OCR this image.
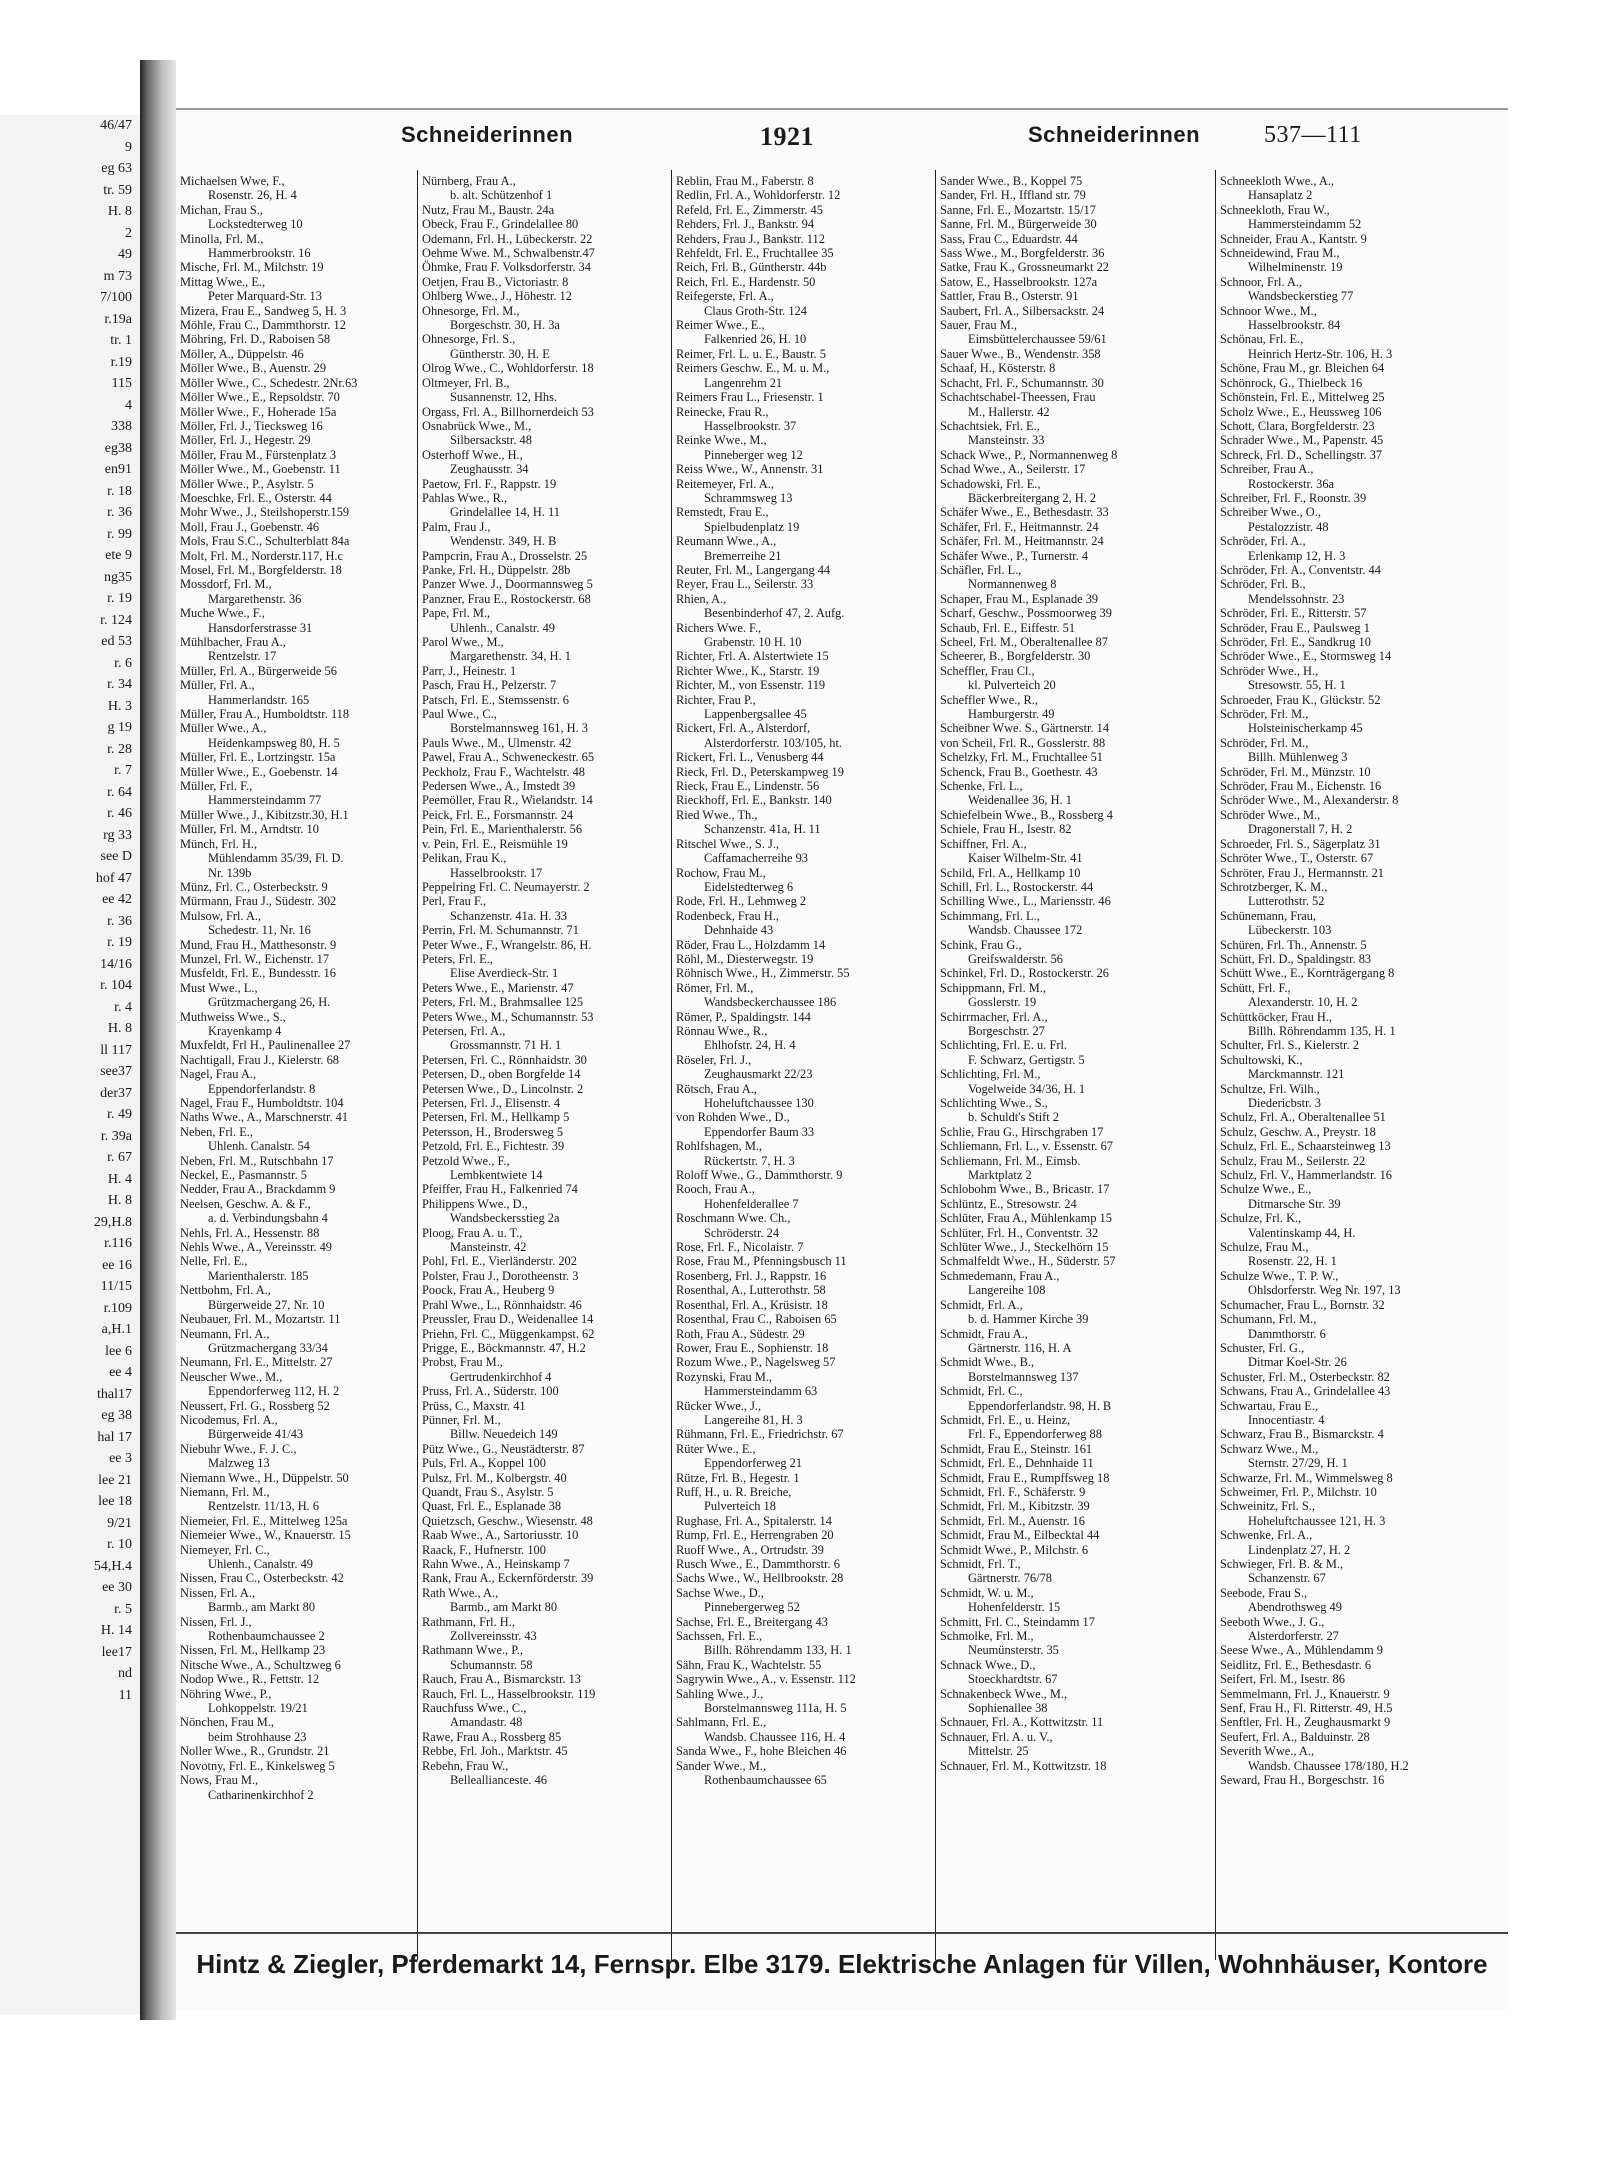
46/47
9
eg 63
tr. 59
H. 8
2
49
m 73
7/100
r.19a
tr. 1
r.19
115
4
338
eg38
en91
r. 18
r. 36
r. 99
ete 9
ng35
r. 19
r. 124
ed 53
r. 6
r. 34
H. 3
g 19
r. 28
r. 7
r. 64
r. 46
rg 33
see D
hof 47
ee 42
r. 36
r. 19
14/16
r. 104
r. 4
H. 8
ll 117
see37
der37
r. 49
r. 39a
r. 67
H. 4
H. 8
29,H.8
r.116
ee 16
11/15
r.109
a,H.1
lee 6
ee 4
thal17
eg 38
hal 17
ee 3
lee 21
lee 18
9/21
r. 10
54,H.4
ee 30
r. 5
H. 14
lee17
nd
11
Schneiderinnen	1921	Schneiderinnen	537—111
Michaelsen Wwe, F.,
Rosenstr. 26, H. 4
Michan, Frau S.,
Lockstedterweg 10
Minolla, Frl. M.,
Hammerbrookstr. 16
Mische, Frl. M., Milchstr. 19
Mittag Wwe., E.,
Peter Marquard-Str. 13
Mizera, Frau E., Sandweg 5, H. 3
Möhle, Frau C., Dammthorstr. 12
Möhring, Frl. D., Raboisen 58
Möller, A., Düppelstr. 46
Möller Wwe., B., Auenstr. 29
Möller Wwe., C., Schedestr. 2Nr.63
Möller Wwe., E., Repsoldstr. 70
Möller Wwe., F., Hoherade 15a
Möller, Frl. J., Tiecksweg 16
Möller, Frl. J., Hegestr. 29
Möller, Frau M., Fürstenplatz 3
Möller Wwe., M., Goebenstr. 11
Möller Wwe., P., Asylstr. 5
Moeschke, Frl. E., Osterstr. 44
Mohr Wwe., J., Steilshoperstr.159
Moll, Frau J., Goebenstr. 46
Mols, Frau S.C., Schulterblatt 84a
Molt, Frl. M., Norderstr.117, H.c
Mosel, Frl. M., Borgfelderstr. 18
Mossdorf, Frl. M.,
Margarethenstr. 36
Muche Wwe., F.,
Hansdorferstrasse 31
Mühlbacher, Frau A.,
Rentzelstr. 17
Müller, Frl. A., Bürgerweide 56
Müller, Frl. A.,
Hammerlandstr. 165
Müller, Frau A., Humboldtstr. 118
Müller Wwe., A.,
Heidenkampsweg 80, H. 5
Müller, Frl. E., Lortzingstr. 15a
Müller Wwe., E., Goebenstr. 14
Müller, Frl. F.,
Hammersteindamm 77
Müller Wwe., J., Kibitzstr.30, H.1
Müller, Frl. M., Arndtstr. 10
Münch, Frl. H.,
Mühlendamm 35/39, Fl. D.
Nr. 139b
Münz, Frl. C., Osterbeckstr. 9
Mürmann, Frau J., Südestr. 302
Mulsow, Frl. A.,
Schedestr. 11, Nr. 16
Mund, Frau H., Matthesonstr. 9
Munzel, Frl. W., Eichenstr. 17
Musfeldt, Frl. E., Bundesstr. 16
Must Wwe., L.,
Grützmachergang 26, H.
Muthweiss Wwe., S.,
Krayenkamp 4
Muxfeldt, Frl H., Paulinenallee 27
Nachtigall, Frau J., Kielerstr. 68
Nagel, Frau A.,
Eppendorferlandstr. 8
Nagel, Frau F., Humboldtstr. 104
Naths Wwe., A., Marschnerstr. 41
Neben, Frl. E.,
Uhlenh. Canalstr. 54
Neben, Frl. M., Rutschbahn 17
Neckel, E., Pasmannstr. 5
Nedder, Frau A., Brackdamm 9
Neelsen, Geschw. A. & F.,
a. d. Verbindungsbahn 4
Nehls, Frl. A., Hessenstr. 88
Nehls Wwe., A., Vereinsstr. 49
Nelle, Frl. E.,
Marienthalerstr. 185
Nettbohm, Frl. A.,
Bürgerweide 27, Nr. 10
Neubauer, Frl. M., Mozartstr. 11
Neumann, Frl. A.,
Grützmachergang 33/34
Neumann, Frl. E., Mittelstr. 27
Neuscher Wwe., M.,
Eppendorferweg 112, H. 2
Neussert, Frl. G., Rossberg 52
Nicodemus, Frl. A.,
Bürgerweide 41/43
Niebuhr Wwe., F. J. C.,
Malzweg 13
Niemann Wwe., H., Düppelstr. 50
Niemann, Frl. M.,
Rentzelstr. 11/13, H. 6
Niemeier, Frl. E., Mittelweg 125a
Niemeier Wwe., W., Knauerstr. 15
Niemeyer, Frl. C.,
Uhlenh., Canalstr. 49
Nissen, Frau C., Osterbeckstr. 42
Nissen, Frl. A.,
Barmb., am Markt 80
Nissen, Frl. J.,
Rothenbaumchaussee 2
Nissen, Frl. M., Hellkamp 23
Nitsche Wwe., A., Schultzweg 6
Nodop Wwe., R., Fettstr. 12
Nöhring Wwe., P.,
Lohkoppelstr. 19/21
Nönchen, Frau M.,
beim Strohhause 23
Noller Wwe., R., Grundstr. 21
Novotny, Frl. E., Kinkelsweg 5
Nows, Frau M.,
Catharinenkirchhof 2
Nürnberg, Frau A.,
b. alt. Schützenhof 1
Nutz, Frau M., Baustr. 24a
Obeck, Frau F., Grindelallee 80
Odemann, Frl. H., Lübeckerstr. 22
Oehme Wwe. M., Schwalbenstr.47
Öhmke, Frau F. Volksdorferstr. 34
Oetjen, Frau B., Victoriastr. 8
Ohlberg Wwe., J., Höhestr. 12
Ohnesorge, Frl. M.,
Borgeschstr. 30, H. 3a
Ohnesorge, Frl. S.,
Güntherstr. 30, H. E
Olrog Wwe., C., Wohldorferstr. 18
Oltmeyer, Frl. B.,
Susannenstr. 12, Hhs.
Orgass, Frl. A., Billhornerdeich 53
Osnabrück Wwe., M.,
Silbersackstr. 48
Osterhoff Wwe., H.,
Zeughausstr. 34
Paetow, Frl. F., Rappstr. 19
Pahlas Wwe., R.,
Grindelallee 14, H. 11
Palm, Frau J.,
Wendenstr. 349, H. B
Pampcrin, Frau A., Drosselstr. 25
Panke, Frl. H., Düppelstr. 28b
Panzer Wwe. J., Doormannsweg 5
Panzner, Frau E., Rostockerstr. 68
Pape, Frl. M.,
Uhlenh., Canalstr. 49
Parol Wwe., M.,
Margarethenstr. 34, H. 1
Parr, J., Heinestr. 1
Pasch, Frau H., Pelzerstr. 7
Patsch, Frl. E., Stemssenstr. 6
Paul Wwe., C.,
Borstelmannsweg 161, H. 3
Pauls Wwe., M., Ulmenstr. 42
Pawel, Frau A., Schweneckestr. 65
Peckholz, Frau F., Wachtelstr. 48
Pedersen Wwe., A., Imstedt 39
Peemöller, Frau R., Wielandstr. 14
Peick, Frl. E., Forsmannstr. 24
Pein, Frl. E., Marienthalerstr. 56
v. Pein, Frl. E., Reismühle 19
Pelikan, Frau K.,
Hasselbrookstr. 17
Peppelring Frl. C. Neumayerstr. 2
Perl, Frau F.,
Schanzenstr. 41a. H. 33
Perrin, Frl. M. Schumannstr. 71
Peter Wwe., F., Wrangelstr. 86, H.
Peters, Frl. E.,
Elise Averdieck-Str. 1
Peters Wwe., E., Marienstr. 47
Peters, Frl. M., Brahmsallee 125
Peters Wwe., M., Schumannstr. 53
Petersen, Frl. A.,
Grossmannstr. 71 H. 1
Petersen, Frl. C., Rönnhaidstr. 30
Petersen, D., oben Borgfelde 14
Petersen Wwe., D., Lincolnstr. 2
Petersen, Frl. J., Elisenstr. 4
Petersen, Frl. M., Hellkamp 5
Petersson, H., Brodersweg 5
Petzold, Frl. E., Fichtestr. 39
Petzold Wwe., F.,
Lembkentwiete 14
Pfeiffer, Frau H., Falkenried 74
Philippens Wwe., D.,
Wandsbeckersstieg 2a
Ploog, Frau A. u. T.,
Mansteinstr. 42
Pohl, Frl. E., Vierländerstr. 202
Polster, Frau J., Dorotheenstr. 3
Poock, Frau A., Heuberg 9
Prahl Wwe., L., Rönnhaidstr. 46
Preussler, Frau D., Weidenallee 14
Priehn, Frl. C., Müggenkampst. 62
Prigge, E., Böckmannstr. 47, H.2
Probst, Frau M.,
Gertrudenkirchhof 4
Pruss, Frl. A., Süderstr. 100
Prüss, C., Maxstr. 41
Pünner, Frl. M.,
Billw. Neuedeich 149
Pütz Wwe., G., Neustädterstr. 87
Puls, Frl. A., Koppel 100
Pulsz, Frl. M., Kolbergstr. 40
Quandt, Frau S., Asylstr. 5
Quast, Frl. E., Esplanade 38
Quietzsch, Geschw., Wiesenstr. 48
Raab Wwe., A., Sartoriusstr. 10
Raack, F., Hufnerstr. 100
Rahn Wwe., A., Heinskamp 7
Rank, Frau A., Eckernförderstr. 39
Rath Wwe., A.,
Barmb., am Markt 80
Rathmann, Frl. H.,
Zollvereinsstr. 43
Rathmann Wwe., P.,
Schumannstr. 58
Rauch, Frau A., Bismarckstr. 13
Rauch, Frl. L., Hasselbrookstr. 119
Rauchfuss Wwe., C.,
Amandastr. 48
Rawe, Frau A., Rossberg 85
Rebbe, Frl. Joh., Marktstr. 45
Rebehn, Frau W.,
Belleallianceste. 46
Reblin, Frau M., Faberstr. 8
Redlin, Frl. A., Wohldorferstr. 12
Refeld, Frl. E., Zimmerstr. 45
Rehders, Frl. J., Bankstr. 94
Rehders, Frau J., Bankstr. 112
Rehfeldt, Frl. E., Fruchtallee 35
Reich, Frl. B., Güntherstr. 44b
Reich, Frl. E., Hardenstr. 50
Reifegerste, Frl. A.,
Claus Groth-Str. 124
Reimer Wwe., E.,
Falkenried 26, H. 10
Reimer, Frl. L. u. E., Baustr. 5
Reimers Geschw. E., M. u. M.,
Langenrehm 21
Reimers Frau L., Friesenstr. 1
Reinecke, Frau R.,
Hasselbrookstr. 37
Reinke Wwe., M.,
Pinneberger weg 12
Reiss Wwe., W., Annenstr. 31
Reitemeyer, Frl. A.,
Schrammsweg 13
Remstedt, Frau E.,
Spielbudenplatz 19
Reumann Wwe., A.,
Bremerreihe 21
Reuter, Frl. M., Langergang 44
Reyer, Frau L., Seilerstr. 33
Rhien, A.,
Besenbinderhof 47, 2. Aufg.
Richers Wwe. F.,
Grabenstr. 10 H. 10
Richter, Frl. A. Alstertwiete 15
Richter Wwe., K., Starstr. 19
Richter, M., von Essenstr. 119
Richter, Frau P.,
Lappenbergsallee 45
Rickert, Frl. A., Alsterdorf,
Alsterdorferstr. 103/105, ht.
Rickert, Frl. L., Venusberg 44
Rieck, Frl. D., Peterskampweg 19
Rieck, Frau E., Lindenstr. 56
Rieckhoff, Frl. E., Bankstr. 140
Ried Wwe., Th.,
Schanzenstr. 41a, H. 11
Ritschel Wwe., S. J.,
Caffamacherreihe 93
Rochow, Frau M.,
Eidelstedterweg 6
Rode, Frl. H., Lehmweg 2
Rodenbeck, Frau H.,
Dehnhaide 43
Röder, Frau L., Holzdamm 14
Röhl, M., Diesterwegstr. 19
Röhnisch Wwe., H., Zimmerstr. 55
Römer, Frl. M.,
Wandsbeckerchaussee 186
Römer, P., Spaldingstr. 144
Rönnau Wwe., R.,
Ehlhofstr. 24, H. 4
Röseler, Frl. J.,
Zeughausmarkt 22/23
Rötsch, Frau A.,
Hoheluftchaussee 130
von Rohden Wwe., D.,
Eppendorfer Baum 33
Rohlfshagen, M.,
Rückertstr. 7, H. 3
Roloff Wwe., G., Dammthorstr. 9
Rooch, Frau A.,
Hohenfelderallee 7
Roschmann Wwe. Ch.,
Schröderstr. 24
Rose, Frl. F., Nicolaistr. 7
Rose, Frau M., Pfenningsbusch 11
Rosenberg, Frl. J., Rappstr. 16
Rosenthal, A., Lutterothstr. 58
Rosenthal, Frl. A., Krüsistr. 18
Rosenthal, Frau C., Raboisen 65
Roth, Frau A., Südestr. 29
Rower, Frau E., Sophienstr. 18
Rozum Wwe., P., Nagelsweg 57
Rozynski, Frau M.,
Hammersteindamm 63
Rücker Wwe., J.,
Langereihe 81, H. 3
Rühmann, Frl. E., Friedrichstr. 67
Rüter Wwe., E.,
Eppendorferweg 21
Rütze, Frl. B., Hegestr. 1
Ruff, H., u. R. Breiche,
Pulverteich 18
Rughase, Frl. A., Spitalerstr. 14
Rump, Frl. E., Herrengraben 20
Ruoff Wwe., A., Ortrudstr. 39
Rusch Wwe., E., Dammthorstr. 6
Sachs Wwe., W., Hellbrookstr. 28
Sachse Wwe., D.,
Pinnebergerweg 52
Sachse, Frl. E., Breitergang 43
Sachssen, Frl. E.,
Billh. Röhrendamm 133, H. 1
Sähn, Frau K., Wachtelstr. 55
Sagrywin Wwe., A., v. Essenstr. 112
Sahling Wwe., J.,
Borstelmannsweg 111a, H. 5
Sahlmann, Frl. E.,
Wandsb. Chaussee 116, H. 4
Sanda Wwe., F., hohe Bleichen 46
Sander Wwe., M.,
Rothenbaumchaussee 65
Sander Wwe., B., Koppel 75
Sander, Frl. H., Iffland str. 79
Sanne, Frl. E., Mozartstr. 15/17
Sanne, Frl. M., Bürgerweide 30
Sass, Frau C., Eduardstr. 44
Sass Wwe., M., Borgfelderstr. 36
Satke, Frau K., Grossneumarkt 22
Satow, E., Hasselbrookstr. 127a
Sattler, Frau B., Osterstr. 91
Saubert, Frl. A., Silbersackstr. 24
Sauer, Frau M.,
Eimsbüttelerchaussee 59/61
Sauer Wwe., B., Wendenstr. 358
Schaaf, H., Kösterstr. 8
Schacht, Frl. F., Schumannstr. 30
Schachtschabel-Theessen, Frau
M., Hallerstr. 42
Schachtsiek, Frl. E.,
Mansteinstr. 33
Schack Wwe., P., Normannenweg 8
Schad Wwe., A., Seilerstr. 17
Schadowski, Frl. E.,
Bäckerbreitergang 2, H. 2
Schäfer Wwe., E., Bethesdastr. 33
Schäfer, Frl. F., Heitmannstr. 24
Schäfer, Frl. M., Heitmannstr. 24
Schäfer Wwe., P., Turnerstr. 4
Schäfler, Frl. L.,
Normannenweg 8
Schaper, Frau M., Esplanade 39
Scharf, Geschw., Possmoorweg 39
Schaub, Frl. E., Eiffestr. 51
Scheel, Frl. M., Oberaltenallee 87
Scheerer, B., Borgfelderstr. 30
Scheffler, Frau Cl.,
kl. Pulverteich 20
Scheffler Wwe., R.,
Hamburgerstr. 49
Scheibner Wwe. S., Gärtnerstr. 14
von Scheil, Frl. R., Gosslerstr. 88
Schelzky, Frl. M., Fruchtallee 51
Schenck, Frau B., Goethestr. 43
Schenke, Frl. L.,
Weidenallee 36, H. 1
Schiefelbein Wwe., B., Rossberg 4
Schiele, Frau H., Isestr. 82
Schiffner, Frl. A.,
Kaiser Wilhelm-Str. 41
Schild, Frl. A., Hellkamp 10
Schill, Frl. L., Rostockerstr. 44
Schilling Wwe., L., Mariensstr. 46
Schimmang, Frl. L.,
Wandsb. Chaussee 172
Schink, Frau G.,
Greifswalderstr. 56
Schinkel, Frl. D., Rostockerstr. 26
Schippmann, Frl. M.,
Gosslerstr. 19
Schirrmacher, Frl. A.,
Borgeschstr. 27
Schlichting, Frl. E. u. Frl.
F. Schwarz, Gertigstr. 5
Schlichting, Frl. M.,
Vogelweide 34/36, H. 1
Schlichting Wwe., S.,
b. Schuldt's Stift 2
Schlie, Frau G., Hirschgraben 17
Schliemann, Frl. L., v. Essenstr. 67
Schliemann, Frl. M., Eimsb.
Marktplatz 2
Schlobohm Wwe., B., Bricastr. 17
Schlüntz, E., Stresowstr. 24
Schlüter, Frau A., Mühlenkamp 15
Schlüter, Frl. H., Conventstr. 32
Schlüter Wwe., J., Steckelhörn 15
Schmalfeldt Wwe., H., Süderstr. 57
Schmedemann, Frau A.,
Langereihe 108
Schmidt, Frl. A.,
b. d. Hammer Kirche 39
Schmidt, Frau A.,
Gärtnerstr. 116, H. A
Schmidt Wwe., B.,
Borstelmannsweg 137
Schmidt, Frl. C.,
Eppendorferlandstr. 98, H. B
Schmidt, Frl. E., u. Heinz,
Frl. F., Eppendorferweg 88
Schmidt, Frau E., Steinstr. 161
Schmidt, Frl. E., Dehnhaide 11
Schmidt, Frau E., Rumpffsweg 18
Schmidt, Frl. F., Schäferstr. 9
Schmidt, Frl. M., Kibitzstr. 39
Schmidt, Frl. M., Auenstr. 16
Schmidt, Frau M., Eilbecktal 44
Schmidt Wwe., P., Milchstr. 6
Schmidt, Frl. T.,
Gärtnerstr. 76/78
Schmidt, W. u. M.,
Hohenfelderstr. 15
Schmitt, Frl. C., Steindamm 17
Schmolke, Frl. M.,
Neumünsterstr. 35
Schnack Wwe., D.,
Stoeckhardtstr. 67
Schnakenbeck Wwe., M.,
Sophienallee 38
Schnauer, Frl. A., Kottwitzstr. 11
Schnauer, Frl. A. u. V.,
Mittelstr. 25
Schnauer, Frl. M., Kottwitzstr. 18
Schneekloth Wwe., A.,
Hansaplatz 2
Schneekloth, Frau W.,
Hammersteindamm 52
Schneider, Frau A., Kantstr. 9
Schneidewind, Frau M.,
Wilhelminenstr. 19
Schnoor, Frl. A.,
Wandsbeckerstieg 77
Schnoor Wwe., M.,
Hasselbrookstr. 84
Schönau, Frl. E.,
Heinrich Hertz-Str. 106, H. 3
Schöne, Frau M., gr. Bleichen 64
Schönrock, G., Thielbeck 16
Schönstein, Frl. E., Mittelweg 25
Scholz Wwe., E., Heussweg 106
Schott, Clara, Borgfelderstr. 23
Schrader Wwe., M., Papenstr. 45
Schreck, Frl. D., Schellingstr. 37
Schreiber, Frau A.,
Rostockerstr. 36a
Schreiber, Frl. F., Roonstr. 39
Schreiber Wwe., O.,
Pestalozzistr. 48
Schröder, Frl. A.,
Erlenkamp 12, H. 3
Schröder, Frl. A., Conventstr. 44
Schröder, Frl. B.,
Mendelssohnstr. 23
Schröder, Frl. E., Ritterstr. 57
Schröder, Frau E., Paulsweg 1
Schröder, Frl. E., Sandkrug 10
Schröder Wwe., E., Stormsweg 14
Schröder Wwe., H.,
Stresowstr. 55, H. 1
Schroeder, Frau K., Glückstr. 52
Schröder, Frl. M.,
Holsteinischerkamp 45
Schröder, Frl. M.,
Billh. Mühlenweg 3
Schröder, Frl. M., Münzstr. 10
Schröder, Frau M., Eichenstr. 16
Schröder Wwe., M., Alexanderstr. 8
Schröder Wwe., M.,
Dragonerstall 7, H. 2
Schroeder, Frl. S., Sägerplatz 31
Schröter Wwe., T., Osterstr. 67
Schröter, Frau J., Hermannstr. 21
Schrotzberger, K. M.,
Lutterothstr. 52
Schünemann, Frau,
Lübeckerstr. 103
Schüren, Frl. Th., Annenstr. 5
Schütt, Frl. D., Spaldingstr. 83
Schütt Wwe., E., Kornträgergang 8
Schütt, Frl. F.,
Alexanderstr. 10, H. 2
Schüttköcker, Frau H.,
Billh. Röhrendamm 135, H. 1
Schulter, Frl. S., Kielerstr. 2
Schultowski, K.,
Marckmannstr. 121
Schultze, Frl. Wilh.,
Diedericbstr. 3
Schulz, Frl. A., Oberaltenallee 51
Schulz, Geschw. A., Preystr. 18
Schulz, Frl. E., Schaarsteinweg 13
Schulz, Frau M., Seilerstr. 22
Schulz, Frl. V., Hammerlandstr. 16
Schulze Wwe., E.,
Ditmarsche Str. 39
Schulze, Frl. K.,
Valentinskamp 44, H.
Schulze, Frau M.,
Rosenstr. 22, H. 1
Schulze Wwe., T. P. W.,
Ohlsdorferstr. Weg Nr. 197, 13
Schumacher, Frau L., Bornstr. 32
Schumann, Frl. M.,
Dammthorstr. 6
Schuster, Frl. G.,
Ditmar Koel-Str. 26
Schuster, Frl. M., Osterbeckstr. 82
Schwans, Frau A., Grindelallee 43
Schwartau, Frau E.,
Innocentiastr. 4
Schwarz, Frau B., Bismarckstr. 4
Schwarz Wwe., M.,
Sternstr. 27/29, H. 1
Schwarze, Frl. M., Wimmelsweg 8
Schweimer, Frl. P., Milchstr. 10
Schweinitz, Frl. S.,
Hoheluftchaussee 121, H. 3
Schwenke, Frl. A.,
Lindenplatz 27, H. 2
Schwieger, Frl. B. & M.,
Schanzenstr. 67
Seebode, Frau S.,
Abendrothsweg 49
Seeboth Wwe., J. G.,
Alsterdorferstr. 27
Seese Wwe., A., Mühlendamm 9
Seidlitz, Frl. E., Bethesdastr. 6
Seifert, Frl. M., Isestr. 86
Semmelmann, Frl. J., Knauerstr. 9
Senf, Frau H., Fl. Ritterstr. 49, H.5
Senftler, Frl. H., Zeughausmarkt 9
Seufert, Frl. A., Balduinstr. 28
Severith Wwe., A.,
Wandsb. Chaussee 178/180, H.2
Seward, Frau H., Borgeschstr. 16
Hintz & Ziegler, Pferdemarkt 14, Fernspr. Elbe 3179. Elektrische Anlagen für Villen, Wohnhäuser, Kontore
